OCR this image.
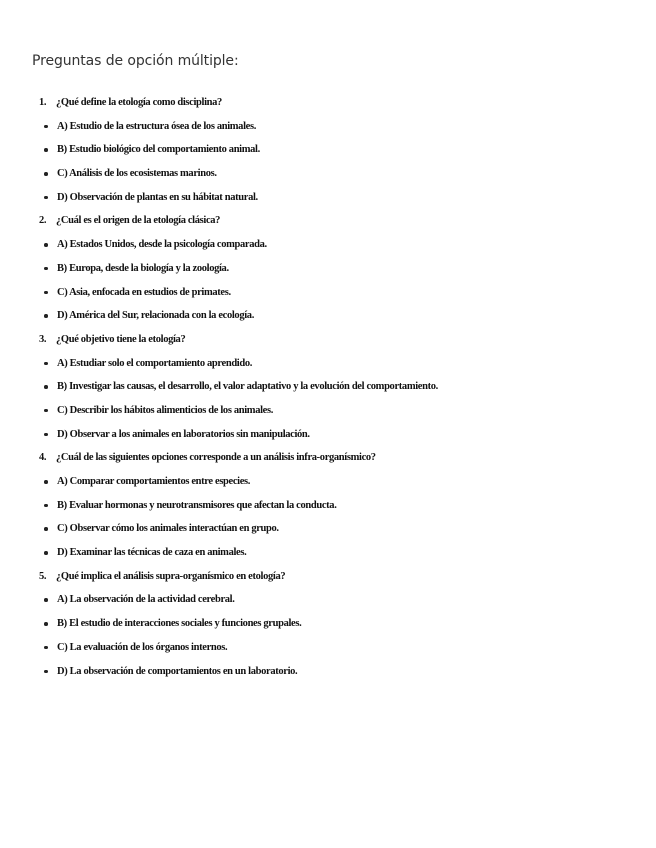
Preguntas de opción múltiple:
1. ¿Qué define la etología como disciplina?
A) Estudio de la estructura ósea de los animales.
B) Estudio biológico del comportamiento animal.
C) Análisis de los ecosistemas marinos.
D) Observación de plantas en su hábitat natural.
2. ¿Cuál es el origen de la etología clásica?
A) Estados Unidos, desde la psicología comparada.
B) Europa, desde la biología y la zoología.
C) Asia, enfocada en estudios de primates.
D) América del Sur, relacionada con la ecología.
3. ¿Qué objetivo tiene la etología?
A) Estudiar solo el comportamiento aprendido.
B) Investigar las causas, el desarrollo, el valor adaptativo y la evolución del comportamiento.
C) Describir los hábitos alimenticios de los animales.
D) Observar a los animales en laboratorios sin manipulación.
4. ¿Cuál de las siguientes opciones corresponde a un análisis infra-organísmico?
A) Comparar comportamientos entre especies.
B) Evaluar hormonas y neurotransmisores que afectan la conducta.
C) Observar cómo los animales interactúan en grupo.
D) Examinar las técnicas de caza en animales.
5. ¿Qué implica el análisis supra-organísmico en etología?
A) La observación de la actividad cerebral.
B) El estudio de interacciones sociales y funciones grupales.
C) La evaluación de los órganos internos.
D) La observación de comportamientos en un laboratorio.
